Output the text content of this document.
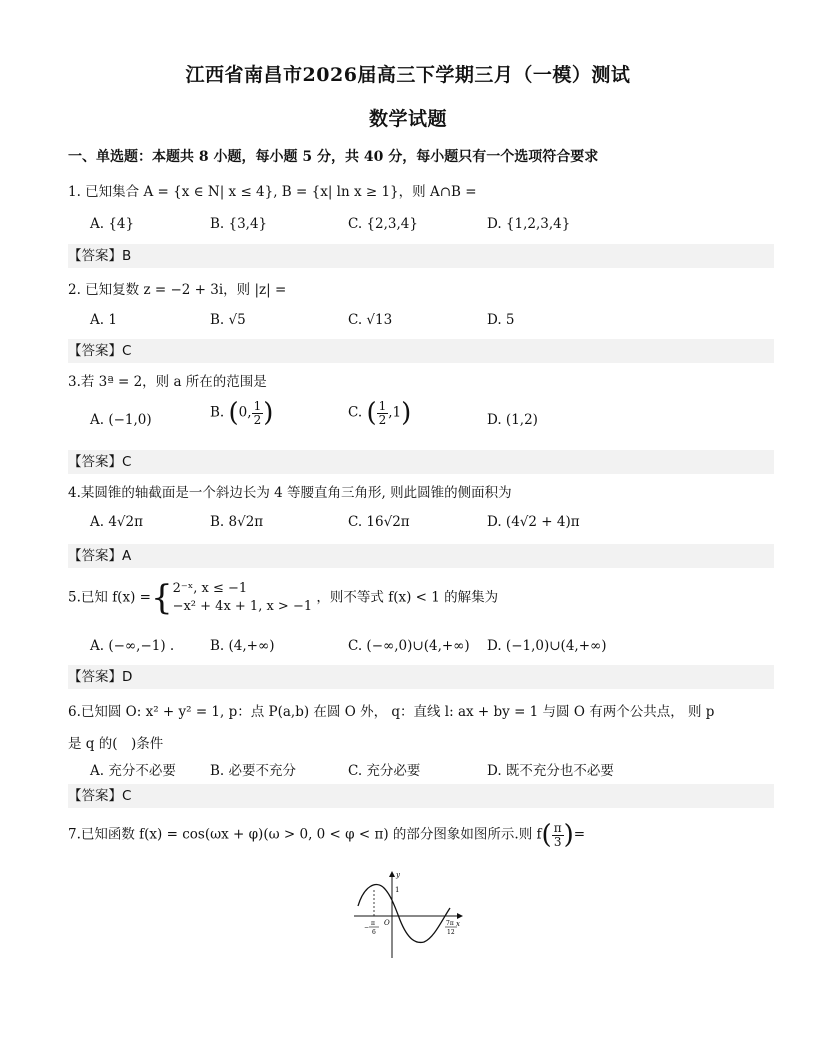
江西省南昌市2026届高三下学期三月（一模）测试
数学试题
一、单选题：本题共 8 小题，每小题 5 分，共 40 分，每小题只有一个选项符合要求
1. 已知集合 A = {x ∈ N| x ≤ 4}, B = {x| ln x ≥ 1}，则 A∩B =
A. {4}	B. {3,4}	C. {2,3,4}	D. {1,2,3,4}
【答案】B
2. 已知复数 z = −2 + 3i，则 |z| =
A. 1	B. √5	C. √13	D. 5
【答案】C
3.若 3ª = 2，则 a 所在的范围是
A. (−1,0)	B. (0, $\frac{1}{2}$ )	C. ( $\frac{1}{2} ,1$)	D. (1,2)
【答案】C
4.某圆锥的轴截面是一个斜边长为 4 等腰直角三角形, 则此圆锥的侧面积为
A. 4√2π	B. 8√2π	C. 16√2π	D. (4√2 + 4)π
【答案】A
5.已知 f(x) ={ 2⁻ˣ, x ≤ −1
−x² + 4x + 1, x > −1
，则不等式 f(x) < 1 的解集为
A. (−∞,−1) .	B. (4,+∞)	C. (−∞,0)∪(4,+∞) D. (−1,0)∪(4,+∞)
【答案】D
6.已知圆 O: x² + y² = 1, p：点 P(a,b) 在圆 O 外， q：直线 l: ax + by = 1 与圆 O 有两个公共点， 则 p
是 q 的(　)条件
A. 充分不必要	B. 必要不充分	C. 充分必要	D. 既不充分也不必要
【答案】C
7.已知函数 f(x) = cos(ωx + φ)(ω > 0, 0 < φ < π) 的部分图象如图所示.则 $f( \frac{\pi}{3}$ )=
y
x
1
O
−
π
6
7π
12
